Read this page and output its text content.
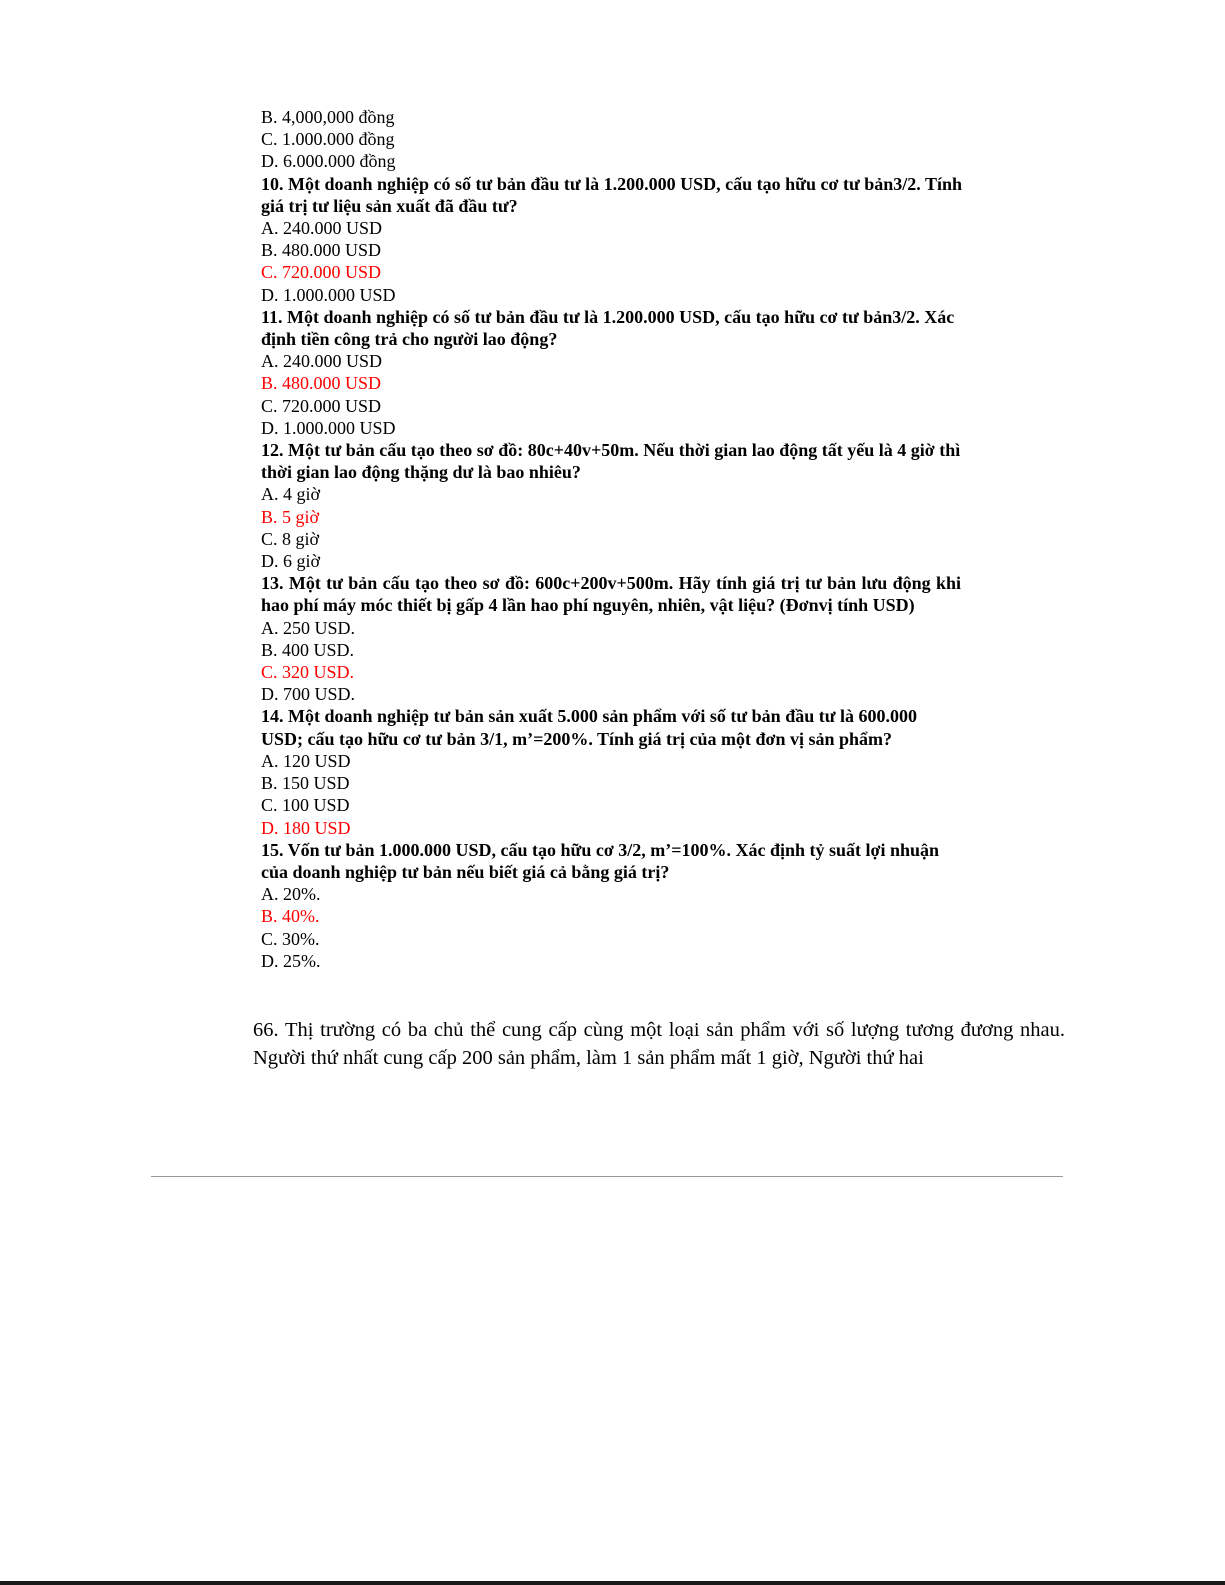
B. 4,000,000 đồng
C. 1.000.000 đồng
D. 6.000.000 đồng
10. Một doanh nghiệp có số tư bản đầu tư là 1.200.000 USD, cấu tạo hữu cơ tư bản3/2. Tính giá trị tư liệu sản xuất đã đầu tư?
A. 240.000 USD
B. 480.000 USD
C. 720.000 USD
D. 1.000.000 USD
11. Một doanh nghiệp có số tư bản đầu tư là 1.200.000 USD, cấu tạo hữu cơ tư bản3/2. Xác định tiền công trả cho người lao động?
A. 240.000 USD
B. 480.000 USD
C. 720.000 USD
D. 1.000.000 USD
12. Một tư bản cấu tạo theo sơ đồ: 80c+40v+50m. Nếu thời gian lao động tất yếu là 4 giờ thì thời gian lao động thặng dư là bao nhiêu?
A. 4 giờ
B. 5 giờ
C. 8 giờ
D. 6 giờ
13. Một tư bản cấu tạo theo sơ đồ: 600c+200v+500m. Hãy tính giá trị tư bản lưu động khi hao phí máy móc thiết bị gấp 4 lần hao phí nguyên, nhiên, vật liệu? (Đơnvị tính USD)
A. 250 USD.
B. 400 USD.
C. 320 USD.
D. 700 USD.
14. Một doanh nghiệp tư bản sản xuất 5.000 sản phẩm với số tư bản đầu tư là 600.000 USD; cấu tạo hữu cơ tư bản 3/1, m’=200%. Tính giá trị của một đơn vị sản phẩm?
A. 120 USD
B. 150 USD
C. 100 USD
D. 180 USD
15. Vốn tư bản 1.000.000 USD, cấu tạo hữu cơ 3/2, m’=100%. Xác định tỷ suất lợi nhuận của doanh nghiệp tư bản nếu biết giá cả bằng giá trị?
A. 20%.
B. 40%.
C. 30%.
D. 25%.
66. Thị trường có ba chủ thể cung cấp cùng một loại sản phẩm với số lượng tương đương nhau. Người thứ nhất cung cấp 200 sản phẩm, làm 1 sản phẩm mất 1 giờ, Người thứ hai
